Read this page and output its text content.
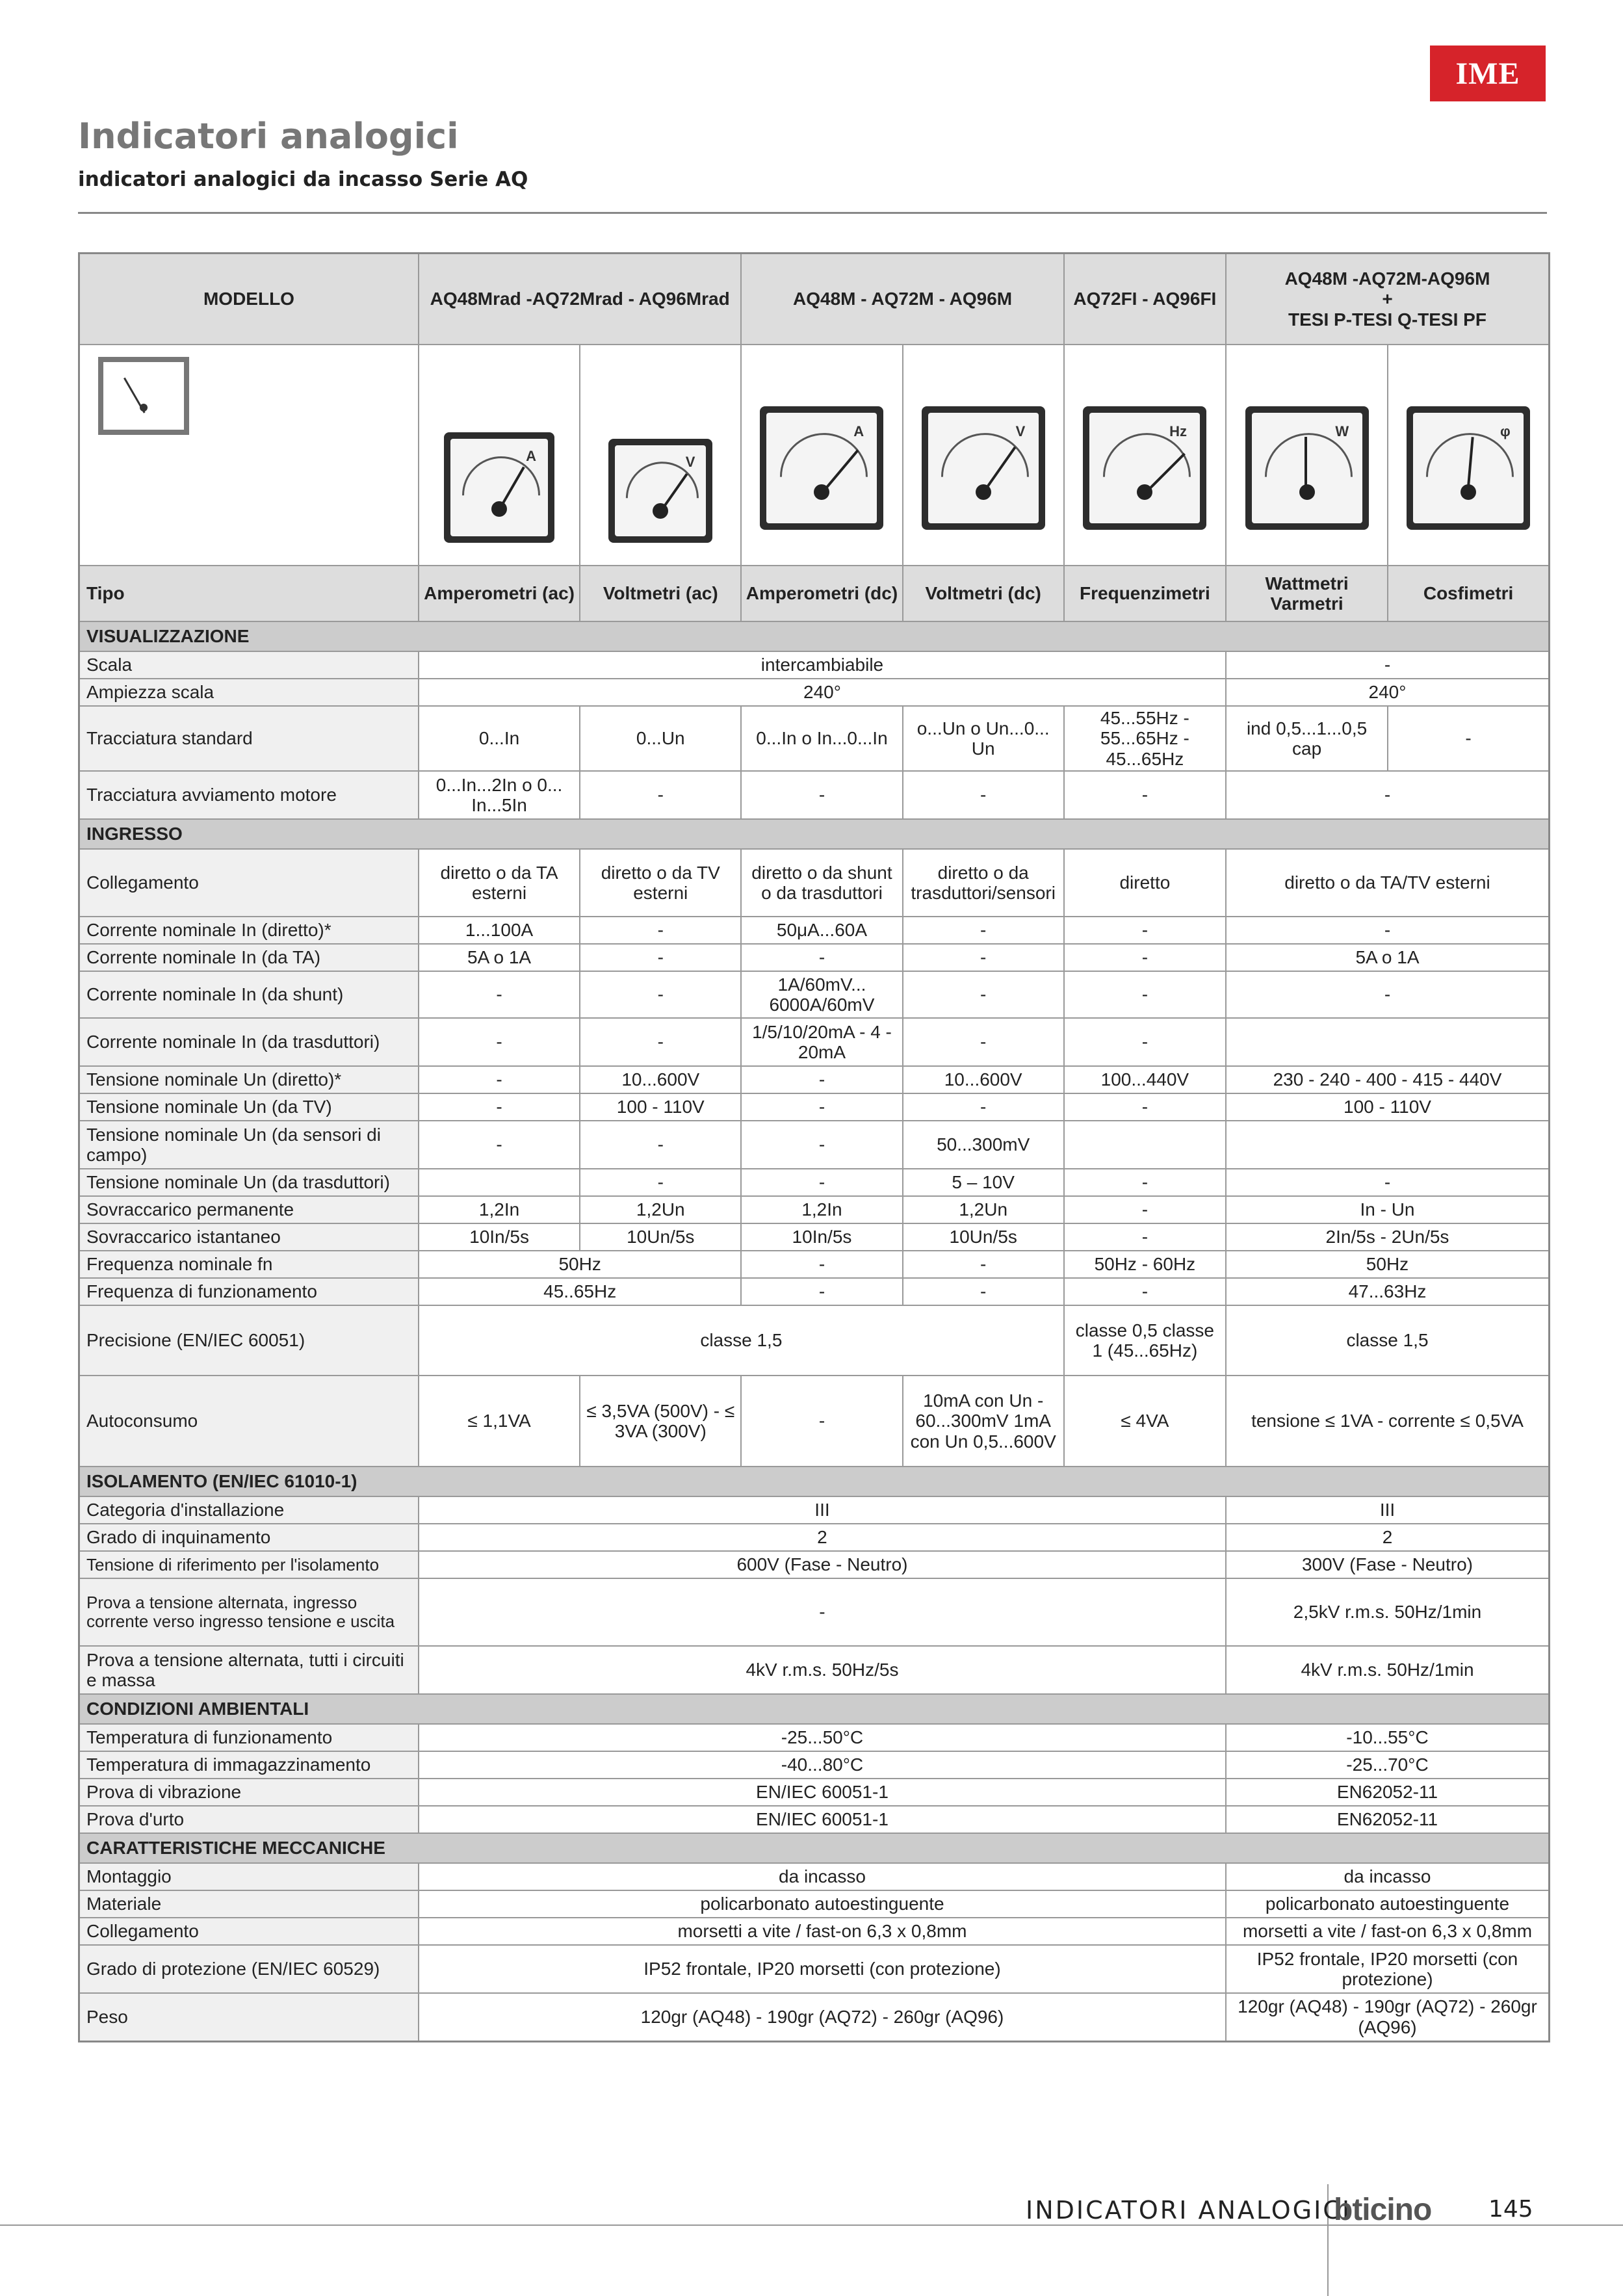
IME
Indicatori analogici
indicatori analogici da incasso Serie AQ
MODELLO	AQ48Mrad -AQ72Mrad - AQ96Mrad		AQ48M - AQ72M - AQ96M		AQ72FI - AQ96FI	AQ48M -AQ72M-AQ96M
+
TESI P-TESI Q-TESI PF	

	A	V	A	V	Hz	W	φ

Tipo	Amperometri (ac)	Voltmetri (ac)	Amperometri (dc)	Voltmetri (dc)	Frequenzimetri	Wattmetri Varmetri	Cosfimetri
VISUALIZZAZIONE							
Scala	intercambiabile					-	
Ampiezza scala	240°					240°	
Tracciatura standard	0...In	0...Un	0...In o In...0...In	o...Un o Un...0... Un	45...55Hz - 55...65Hz - 45...65Hz	ind 0,5...1...0,5 cap	-
Tracciatura avviamento motore	0...In...2In o 0... In...5In	-	-	-	-	-	
INGRESSO							
Collegamento	diretto o da TA esterni	diretto o da TV esterni	diretto o da shunt o da trasduttori	diretto o da trasduttori/sensori	diretto	diretto o da TA/TV esterni	
Corrente nominale In (diretto)*	1...100A	-	50μA...60A	-	-	-	
Corrente nominale In (da TA)	5A o 1A	-	-	-	-	5A o 1A	
Corrente nominale In (da shunt)	-	-	1A/60mV... 6000A/60mV	-	-	-	
Corrente nominale In (da trasduttori)	-	-	1/5/10/20mA - 4 - 20mA	-	-		
Tensione nominale Un (diretto)*	-	10...600V	-	10...600V	100...440V	230 - 240 - 400 - 415 - 440V	
Tensione nominale Un (da TV)	-	100 - 110V	-	-	-	100 - 110V	
Tensione nominale Un (da sensori di campo)	-	-	-	50...300mV			
Tensione nominale Un (da trasduttori)		-	-	5 – 10V	-	-	
Sovraccarico permanente	1,2In	1,2Un	1,2In	1,2Un	-	In - Un	
Sovraccarico istantaneo	10In/5s	10Un/5s	10In/5s	10Un/5s	-	2In/5s - 2Un/5s	
Frequenza nominale fn	50Hz		-	-	50Hz - 60Hz	50Hz	
Frequenza di funzionamento	45..65Hz		-	-	-	47...63Hz	
Precisione (EN/IEC 60051)	classe 1,5				classe 0,5 classe 1 (45...65Hz)	classe 1,5	
Autoconsumo	≤ 1,1VA	≤ 3,5VA (500V) - ≤ 3VA (300V)	-	10mA con Un - 60...300mV 1mA con Un 0,5...600V	≤ 4VA	tensione ≤ 1VA - corrente ≤ 0,5VA	
ISOLAMENTO (EN/IEC 61010-1)							
Categoria d'installazione	III					III	
Grado di inquinamento	2					2	
Tensione di riferimento per l'isolamento	600V (Fase - Neutro)					300V (Fase - Neutro)	
Prova a tensione alternata, ingresso corrente verso ingresso tensione e uscita	-					2,5kV r.m.s. 50Hz/1min	
Prova a tensione alternata, tutti i circuiti e massa	4kV r.m.s. 50Hz/5s					4kV r.m.s. 50Hz/1min	
CONDIZIONI AMBIENTALI							
Temperatura di funzionamento	-25...50°C					-10...55°C	
Temperatura di immagazzinamento	-40...80°C					-25...70°C	
Prova di vibrazione	EN/IEC 60051-1					EN62052-11	
Prova d'urto	EN/IEC 60051-1					EN62052-11	
CARATTERISTICHE MECCANICHE							
Montaggio	da incasso					da incasso	
Materiale	policarbonato autoestinguente					policarbonato autoestinguente	
Collegamento	morsetti a vite / fast-on 6,3 x 0,8mm					morsetti a vite / fast-on 6,3 x 0,8mm	
Grado di protezione (EN/IEC 60529)	IP52 frontale, IP20 morsetti (con protezione)					IP52 frontale, IP20 morsetti (con protezione)	
Peso	120gr (AQ48) - 190gr (AQ72) - 260gr (AQ96)					120gr (AQ48) - 190gr (AQ72) - 260gr (AQ96)	
INDICATORI ANALOGICI
bticino 145
